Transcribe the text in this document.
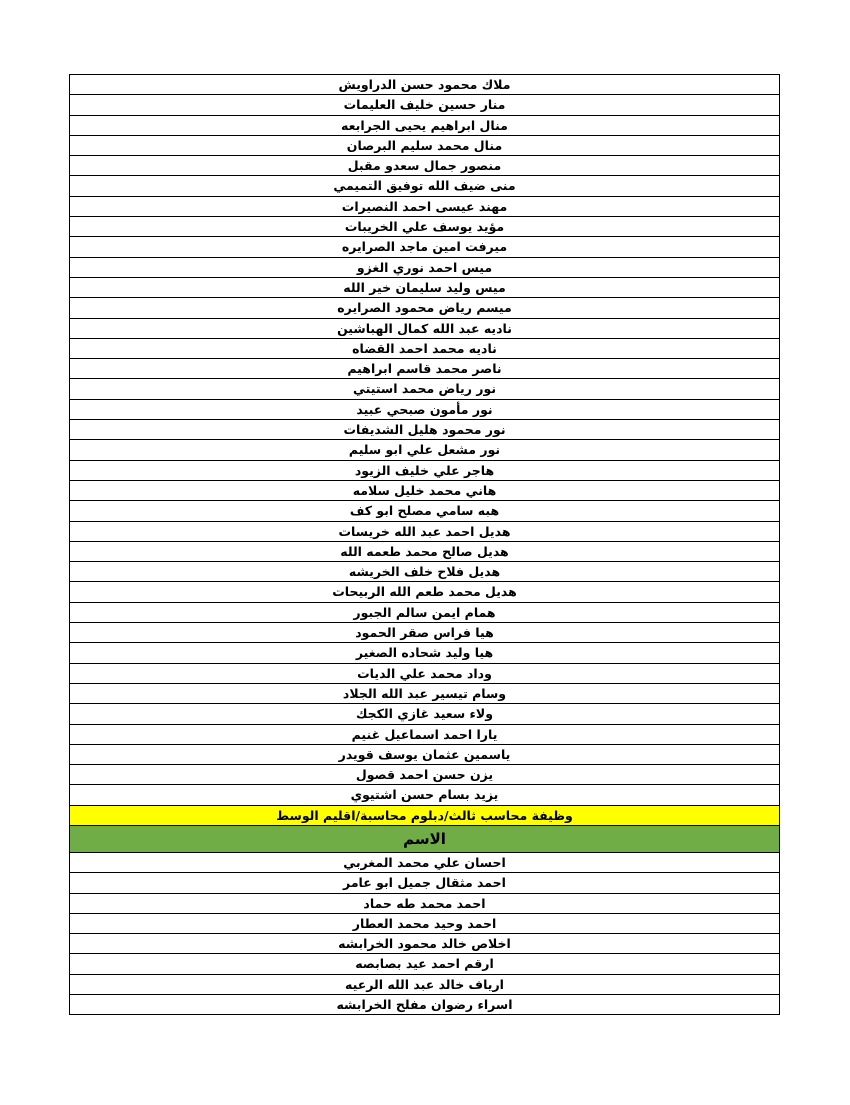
ملاك محمود حسن الدراويش
منار حسين خليف العليمات
منال ابراهيم يحيى الجرابعه
منال محمد سليم البرصان
منصور جمال سعدو مقبل
منى ضيف الله توفيق التميمي
مهند عيسى احمد النصيرات
مؤيد يوسف علي الخريبات
ميرفت امين ماجد الصرايره
ميس احمد نوري الغزو
ميس وليد سليمان خير الله
ميسم رياض محمود الصرايره
ناديه عبد الله كمال الهباشين
ناديه محمد احمد القضاه
ناصر محمد قاسم ابراهيم
نور رياض محمد استيتي
نور مأمون صبحي عبيد
نور محمود هليل الشديفات
نور مشعل علي ابو سليم
هاجر علي خليف الزيود
هاني محمد خليل سلامه
هبه سامي مصلح ابو كف
هديل احمد عبد الله خريسات
هديل صالح محمد طعمه الله
هديل فلاح خلف الخريشه
هديل محمد طعم الله الربيحات
همام ايمن سالم الجبور
هيا فراس صقر الحمود
هيا وليد شحاده الصغير
وداد محمد علي الديات
وسام تيسير عبد الله الجلاد
ولاء سعيد غازي الكجك
يارا احمد اسماعيل غنيم
ياسمين عثمان يوسف قويدر
يزن حسن احمد قصول
يزيد بسام حسن اشتيوي
وظيفة محاسب ثالث/دبلوم محاسبة/اقليم الوسط
الاسم
احسان علي محمد المغربي
احمد مثقال جميل ابو عامر
احمد محمد طه حماد
احمد وحيد محمد العطار
اخلاص خالد محمود الخرابشه
ارقم احمد عيد بصابصه
ارياف خالد عبد الله الرعيه
اسراء رضوان مفلح الخرابشه
